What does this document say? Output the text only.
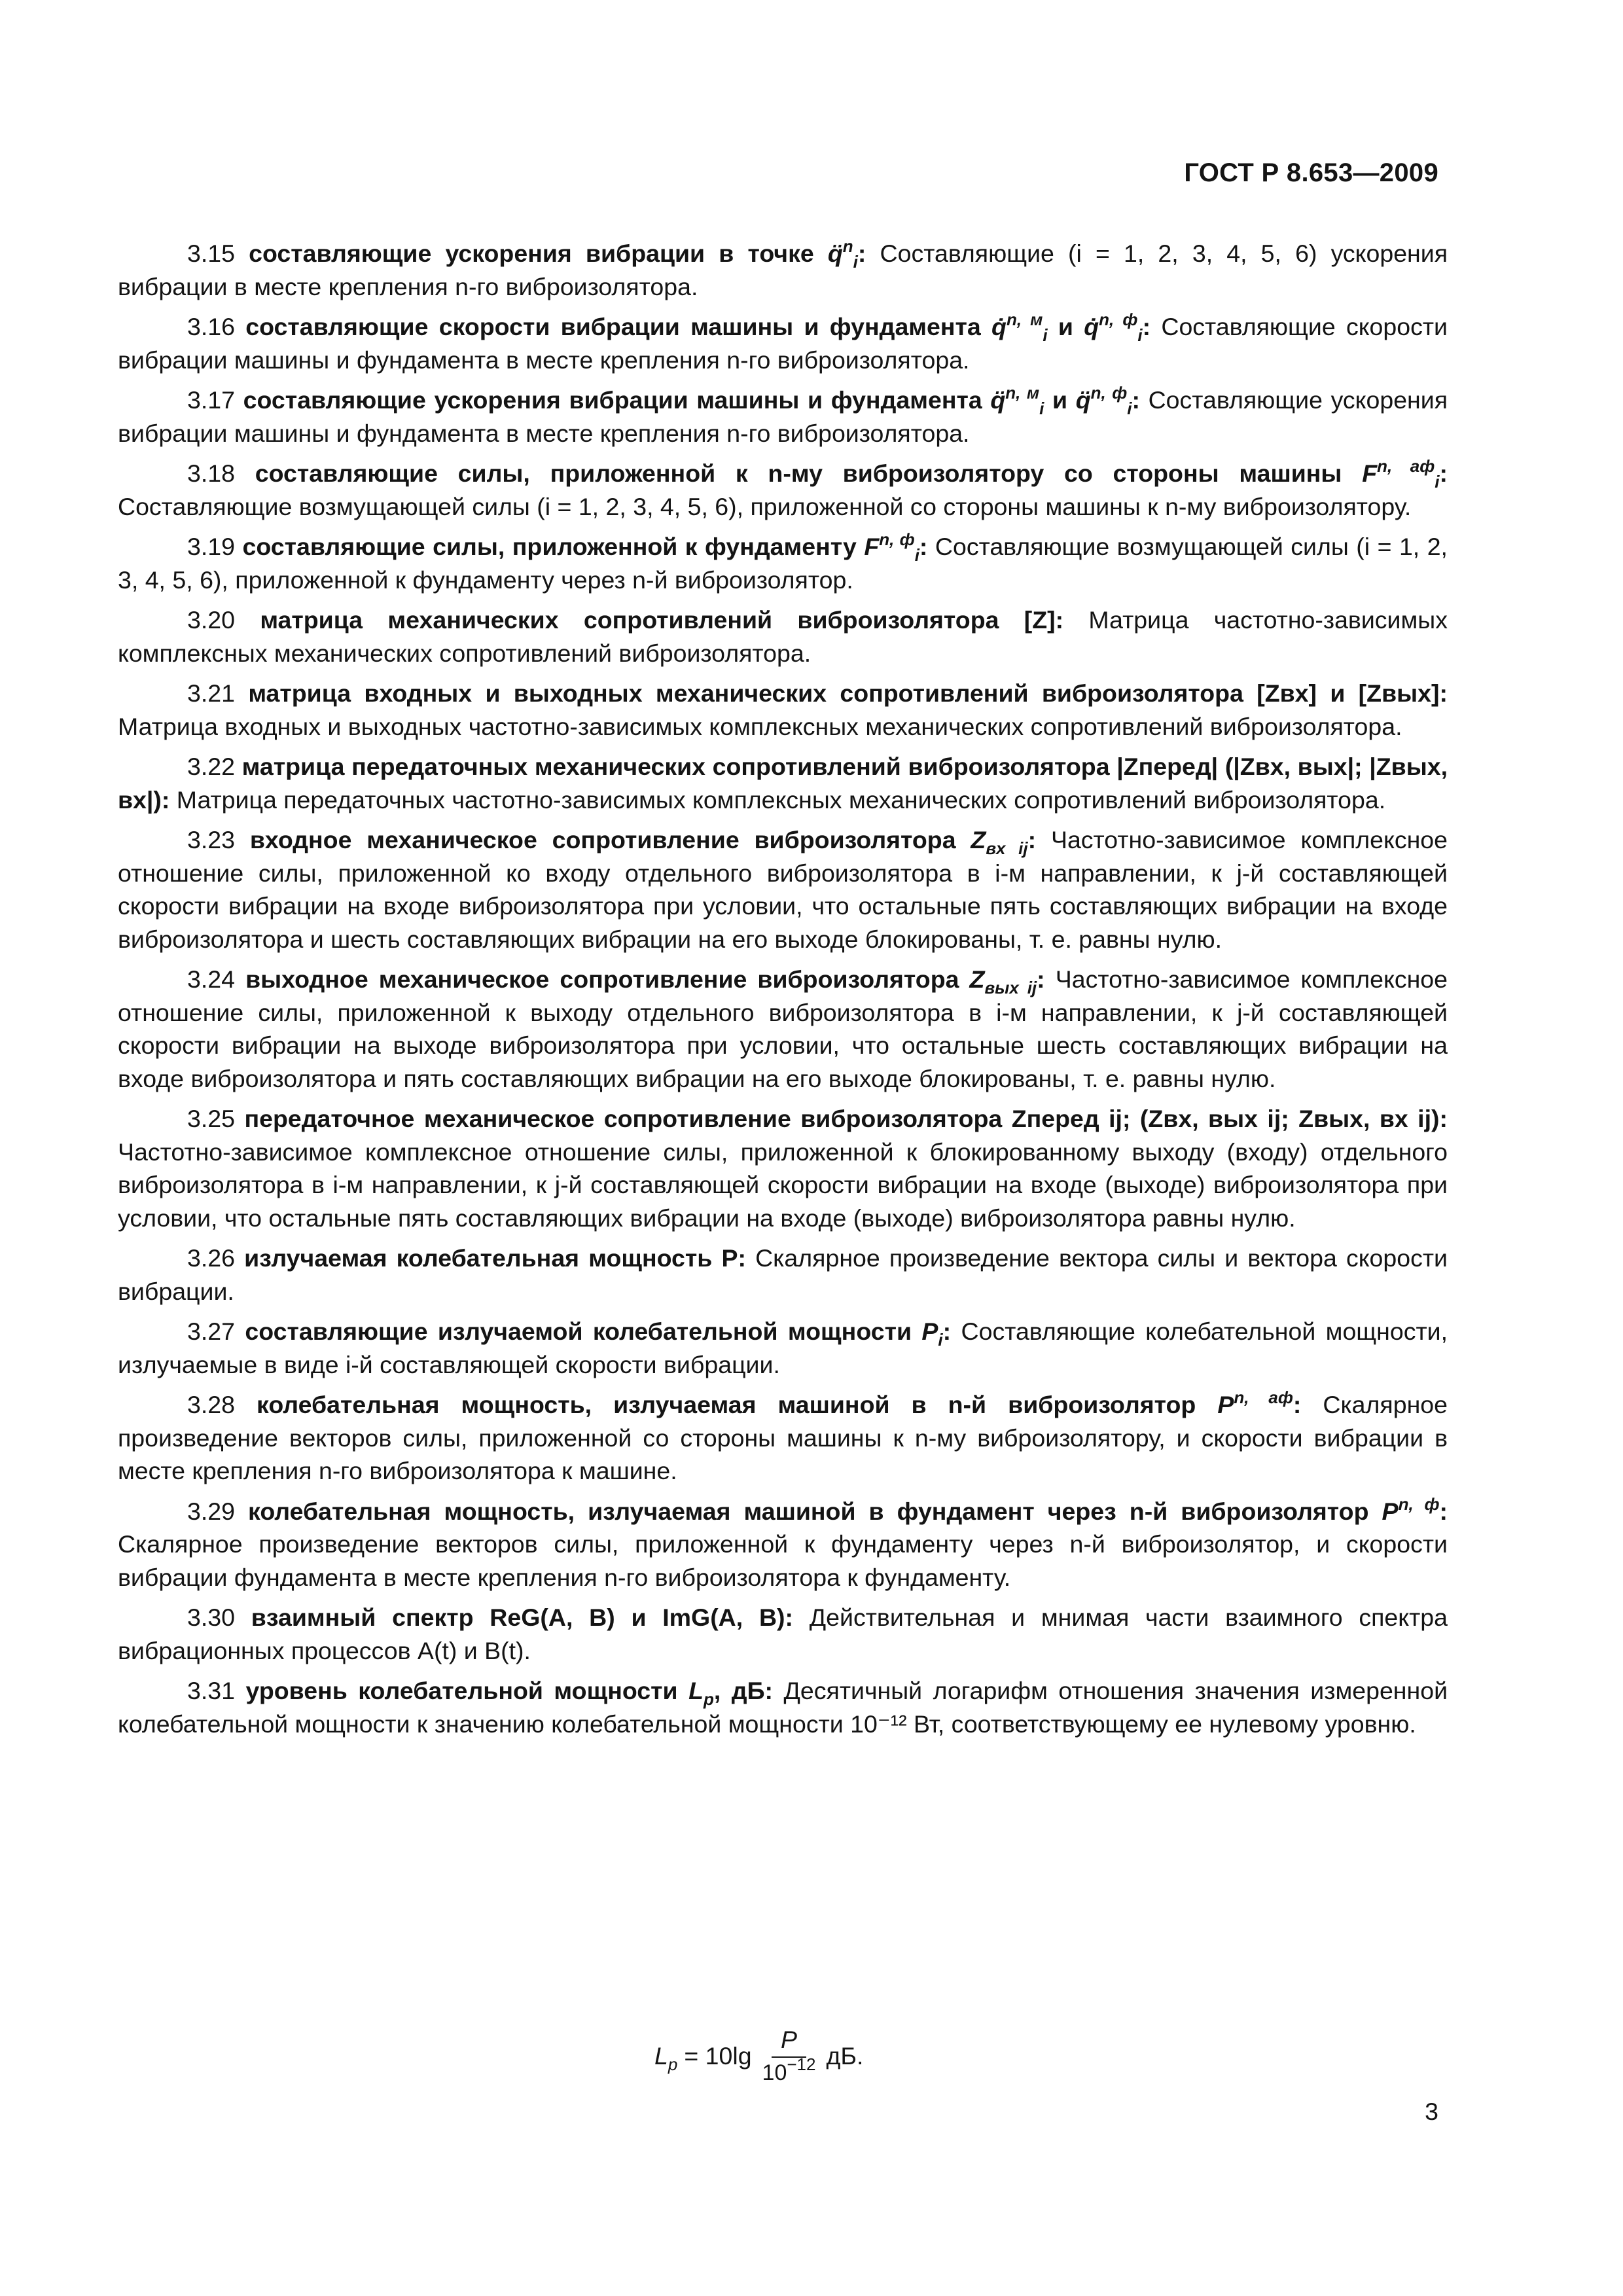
ГОСТ Р 8.653—2009

3.15 составляющие ускорения вибрации в точке q̈$^n_i$: Составляющие (i = 1, 2, 3, 4, 5, 6) ускорения вибрации в месте крепления n-го виброизолятора.

3.16 составляющие скорости вибрации машины и фундамента q̇$^{n, м}_i$ и q̇$^{n, ф}_i$: Составляющие скорости вибрации машины и фундамента в месте крепления n-го виброизолятора.

3.17 составляющие ускорения вибрации машины и фундамента q̈$^{n, м}_i$ и q̈$^{n, ф}_i$: Составляющие ускорения вибрации машины и фундамента в месте крепления n-го виброизолятора.

3.18 составляющие силы, приложенной к n-му виброизолятору со стороны машины $F^{n, аф}_i$: Составляющие возмущающей силы (i = 1, 2, 3, 4, 5, 6), приложенной со стороны машины к n-му виброизолятору.

3.19 составляющие силы, приложенной к фундаменту $F^{n, ф}_i$: Составляющие возмущающей силы (i = 1, 2, 3, 4, 5, 6), приложенной к фундаменту через n-й виброизолятор.

3.20 матрица механических сопротивлений виброизолятора [Z]: Матрица частотно-зависимых комплексных механических сопротивлений виброизолятора.

3.21 матрица входных и выходных механических сопротивлений виброизолятора [Zвх] и [Zвых]: Матрица входных и выходных частотно-зависимых комплексных механических сопротивлений виброизолятора.

3.22 матрица передаточных механических сопротивлений виброизолятора |Zперед| (|Zвх, вых|; |Zвых, вх|): Матрица передаточных частотно-зависимых комплексных механических сопротивлений виброизолятора.

3.23 входное механическое сопротивление виброизолятора $Z_{вх ij}$: Частотно-зависимое комплексное отношение силы, приложенной ко входу отдельного виброизолятора в i-м направлении, к j-й составляющей скорости вибрации на входе виброизолятора при условии, что остальные пять составляющих вибрации на входе виброизолятора и шесть составляющих вибрации на его выходе блокированы, т. е. равны нулю.

3.24 выходное механическое сопротивление виброизолятора $Z_{вых ij}$: Частотно-зависимое комплексное отношение силы, приложенной к выходу отдельного виброизолятора в i-м направлении, к j-й составляющей скорости вибрации на выходе виброизолятора при условии, что остальные шесть составляющих вибрации на входе виброизолятора и пять составляющих вибрации на его выходе блокированы, т. е. равны нулю.

3.25 передаточное механическое сопротивление виброизолятора Zперед ij; (Zвх, вых ij; Zвых, вх ij): Частотно-зависимое комплексное отношение силы, приложенной к блокированному выходу (входу) отдельного виброизолятора в i-м направлении, к j-й составляющей скорости вибрации на входе (выходе) виброизолятора при условии, что остальные пять составляющих вибрации на входе (выходе) виброизолятора равны нулю.

3.26 излучаемая колебательная мощность P: Скалярное произведение вектора силы и вектора скорости вибрации.

3.27 составляющие излучаемой колебательной мощности $P_i$: Составляющие колебательной мощности, излучаемые в виде i-й составляющей скорости вибрации.

3.28 колебательная мощность, излучаемая машиной в n-й виброизолятор $P^{n, аф}$: Скалярное произведение векторов силы, приложенной со стороны машины к n-му виброизолятору, и скорости вибрации в месте крепления n-го виброизолятора к машине.

3.29 колебательная мощность, излучаемая машиной в фундамент через n-й виброизолятор $P^{n, ф}$: Скалярное произведение векторов силы, приложенной к фундаменту через n-й виброизолятор, и скорости вибрации фундамента в месте крепления n-го виброизолятора к фундаменту.

3.30 взаимный спектр ReG(A, B) и ImG(A, B): Действительная и мнимая части взаимного спектра вибрационных процессов A(t) и B(t).

3.31 уровень колебательной мощности $L_p$, дБ: Десятичный логарифм отношения значения измеренной колебательной мощности к значению колебательной мощности 10⁻¹² Вт, соответствующему ее нулевому уровню.

$L_p = 10\lg \frac{P}{10^{-12}}$ дБ.
3
